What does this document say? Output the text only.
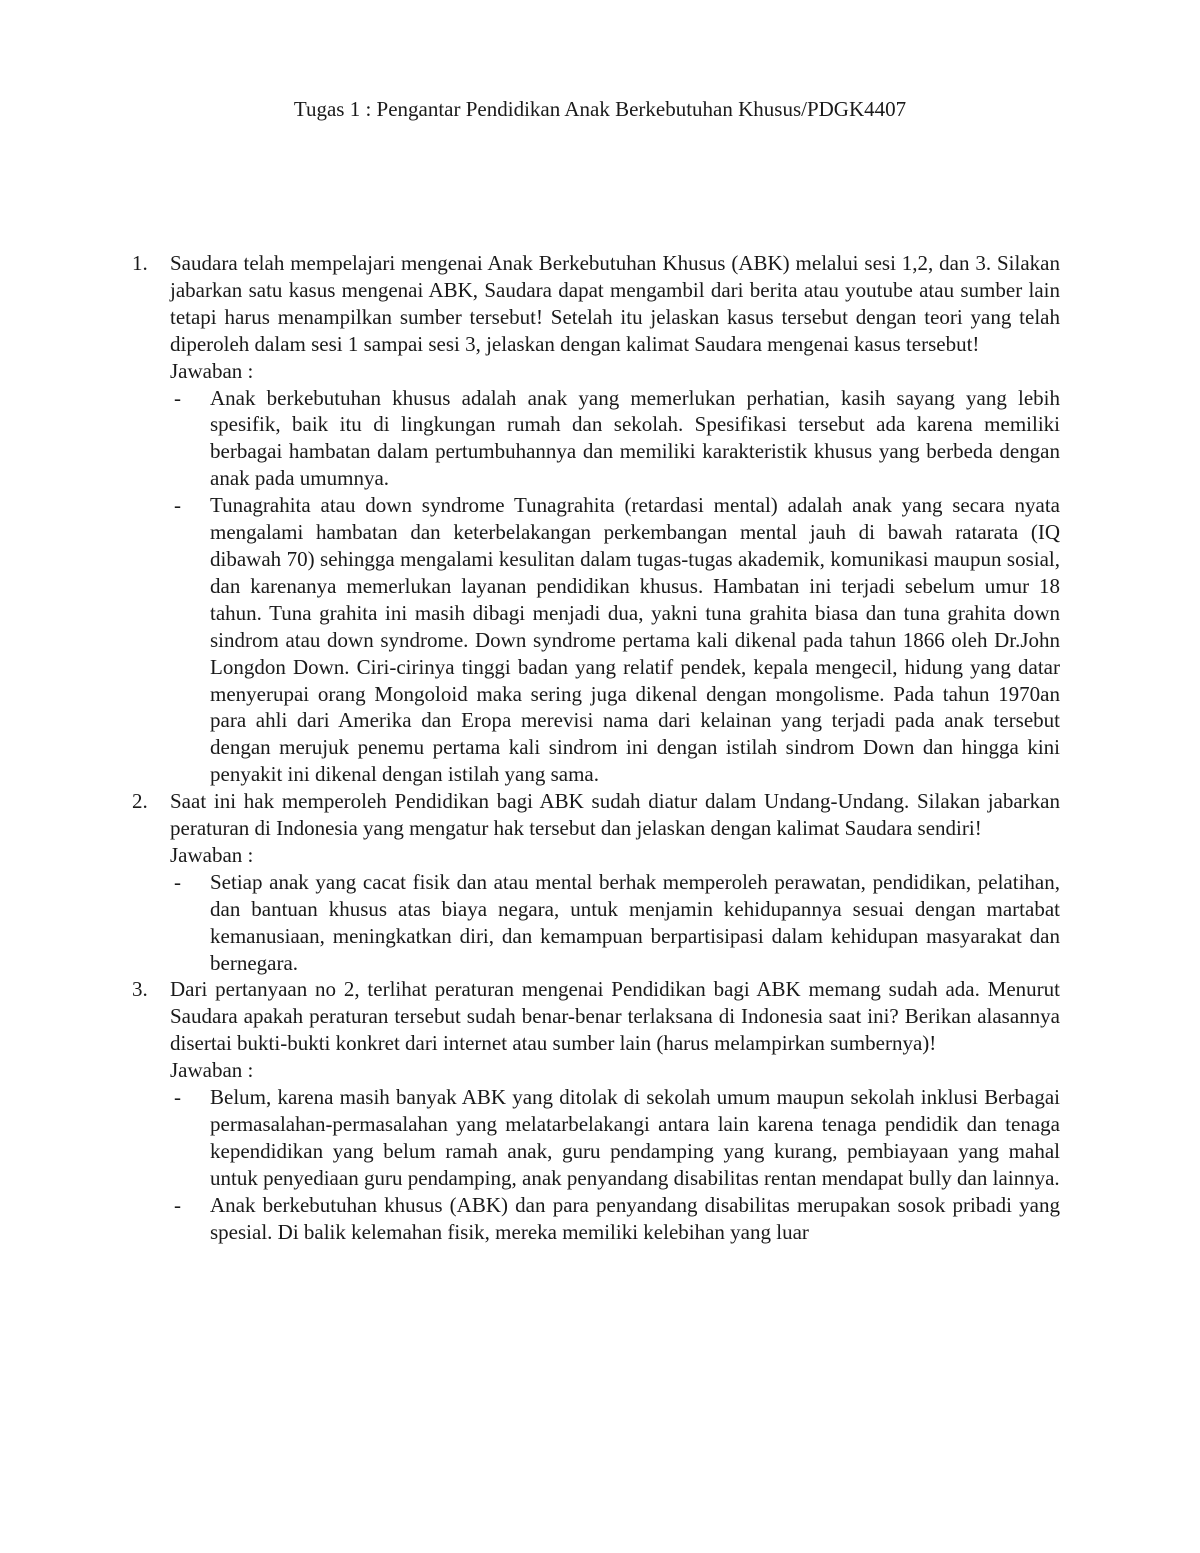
Tugas 1 : Pengantar Pendidikan Anak Berkebutuhan Khusus/PDGK4407
1. Saudara telah mempelajari mengenai Anak Berkebutuhan Khusus (ABK) melalui sesi 1,2, dan 3. Silakan jabarkan satu kasus mengenai ABK, Saudara dapat mengambil dari berita atau youtube atau sumber lain tetapi harus menampilkan sumber tersebut! Setelah itu jelaskan kasus tersebut dengan teori yang telah diperoleh dalam sesi 1 sampai sesi 3, jelaskan dengan kalimat Saudara mengenai kasus tersebut!

Jawaban :

- Anak berkebutuhan khusus adalah anak yang memerlukan perhatian, kasih sayang yang lebih spesifik, baik itu di lingkungan rumah dan sekolah. Spesifikasi tersebut ada karena memiliki berbagai hambatan dalam pertumbuhannya dan memiliki karakteristik khusus yang berbeda dengan anak pada umumnya.
- Tunagrahita atau down syndrome Tunagrahita (retardasi mental) adalah anak yang secara nyata mengalami hambatan dan keterbelakangan perkembangan mental jauh di bawah ratarata (IQ dibawah 70) sehingga mengalami kesulitan dalam tugas-tugas akademik, komunikasi maupun sosial, dan karenanya memerlukan layanan pendidikan khusus. Hambatan ini terjadi sebelum umur 18 tahun. Tuna grahita ini masih dibagi menjadi dua, yakni tuna grahita biasa dan tuna grahita down sindrom atau down syndrome. Down syndrome pertama kali dikenal pada tahun 1866 oleh Dr.John Longdon Down. Ciri-cirinya tinggi badan yang relatif pendek, kepala mengecil, hidung yang datar menyerupai orang Mongoloid maka sering juga dikenal dengan mongolisme. Pada tahun 1970an para ahli dari Amerika dan Eropa merevisi nama dari kelainan yang terjadi pada anak tersebut dengan merujuk penemu pertama kali sindrom ini dengan istilah sindrom Down dan hingga kini penyakit ini dikenal dengan istilah yang sama.
2. Saat ini hak memperoleh Pendidikan bagi ABK sudah diatur dalam Undang-Undang. Silakan jabarkan peraturan di Indonesia yang mengatur hak tersebut dan jelaskan dengan kalimat Saudara sendiri!

Jawaban :

- Setiap anak yang cacat fisik dan atau mental berhak memperoleh perawatan, pendidikan, pelatihan, dan bantuan khusus atas biaya negara, untuk menjamin kehidupannya sesuai dengan martabat kemanusiaan, meningkatkan diri, dan kemampuan berpartisipasi dalam kehidupan masyarakat dan bernegara.
3. Dari pertanyaan no 2, terlihat peraturan mengenai Pendidikan bagi ABK memang sudah ada. Menurut Saudara apakah peraturan tersebut sudah benar-benar terlaksana di Indonesia saat ini? Berikan alasannya disertai bukti-bukti konkret dari internet atau sumber lain (harus melampirkan sumbernya)!

Jawaban :

- Belum, karena masih banyak ABK yang ditolak di sekolah umum maupun sekolah inklusi Berbagai permasalahan-permasalahan yang melatarbelakangi antara lain karena tenaga pendidik dan tenaga kependidikan yang belum ramah anak, guru pendamping yang kurang, pembiayaan yang mahal untuk penyediaan guru pendamping, anak penyandang disabilitas rentan mendapat bully dan lainnya.
- Anak berkebutuhan khusus (ABK) dan para penyandang disabilitas merupakan sosok pribadi yang spesial. Di balik kelemahan fisik, mereka memiliki kelebihan yang luar
